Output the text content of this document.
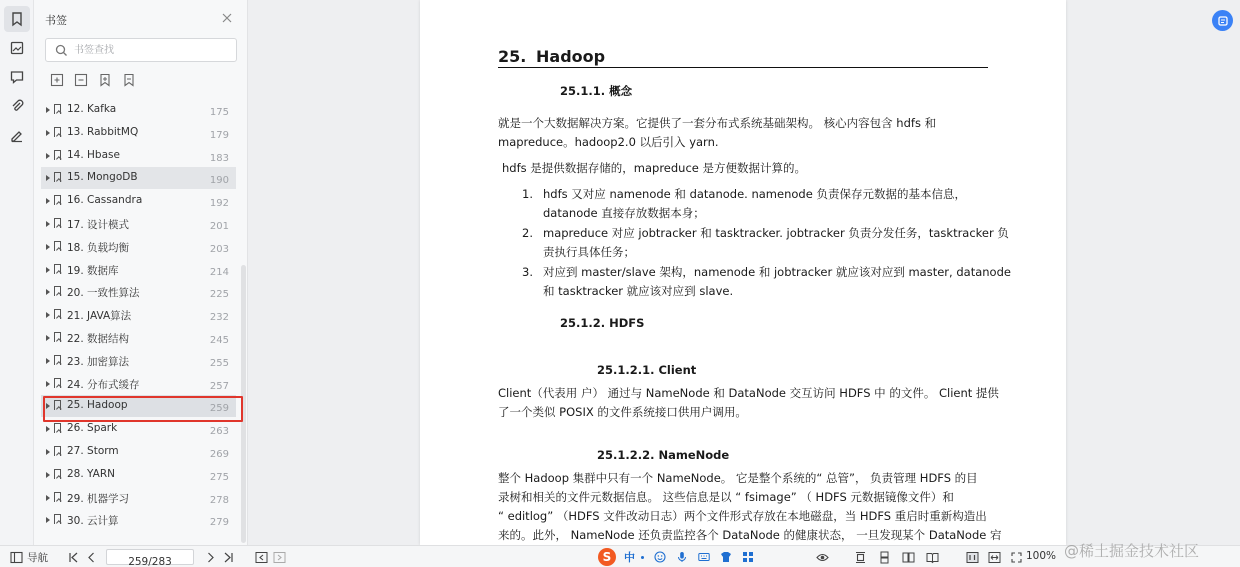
书签
书签查找
12. Kafka	175
13. RabbitMQ	179
14. Hbase	183
15. MongoDB	190
16. Cassandra	192
17. 设计模式	201
18. 负载均衡	203
19. 数据库	214
20. 一致性算法	225
21. JAVA算法	232
22. 数据结构	245
23. 加密算法	255
24. 分布式缓存	257
25. Hadoop	259
26. Spark	263
27. Storm	269
28. YARN	275
29. 机器学习	278
30. 云计算	279
25. Hadoop
25.1.1. 概念
就是一个大数据解决方案。它提供了一套分布式系统基础架构。 核心内容包含 hdfs 和
mapreduce。hadoop2.0 以后引入 yarn.
hdfs 是提供数据存储的，mapreduce 是方便数据计算的。
1. hdfs 又对应 namenode 和 datanode. namenode 负责保存元数据的基本信息，
datanode 直接存放数据本身；
2. mapreduce 对应 jobtracker 和 tasktracker. jobtracker 负责分发任务，tasktracker 负
责执行具体任务；
3. 对应到 master/slave 架构，namenode 和 jobtracker 就应该对应到 master, datanode
和 tasktracker 就应该对应到 slave.
25.1.2. HDFS
25.1.2.1. Client
Client（代表用 户） 通过与 NameNode 和 DataNode 交互访问 HDFS 中 的文件。 Client 提供
了一个类似 POSIX 的文件系统接口供用户调用。
25.1.2.2. NameNode
整个 Hadoop 集群中只有一个 NameNode。 它是整个系统的“ 总管”， 负责管理 HDFS 的目
录树和相关的文件元数据信息。 这些信息是以 “ fsimage” （ HDFS 元数据镜像文件）和
“ editlog” （HDFS 文件改动日志）两个文件形式存放在本地磁盘，当 HDFS 重启时重新构造出
来的。此外， NameNode 还负责监控各个 DataNode 的健康状态， 一旦发现某个 DataNode 宕
导航
259/283	S	中	100% @稀土掘金技术社区
